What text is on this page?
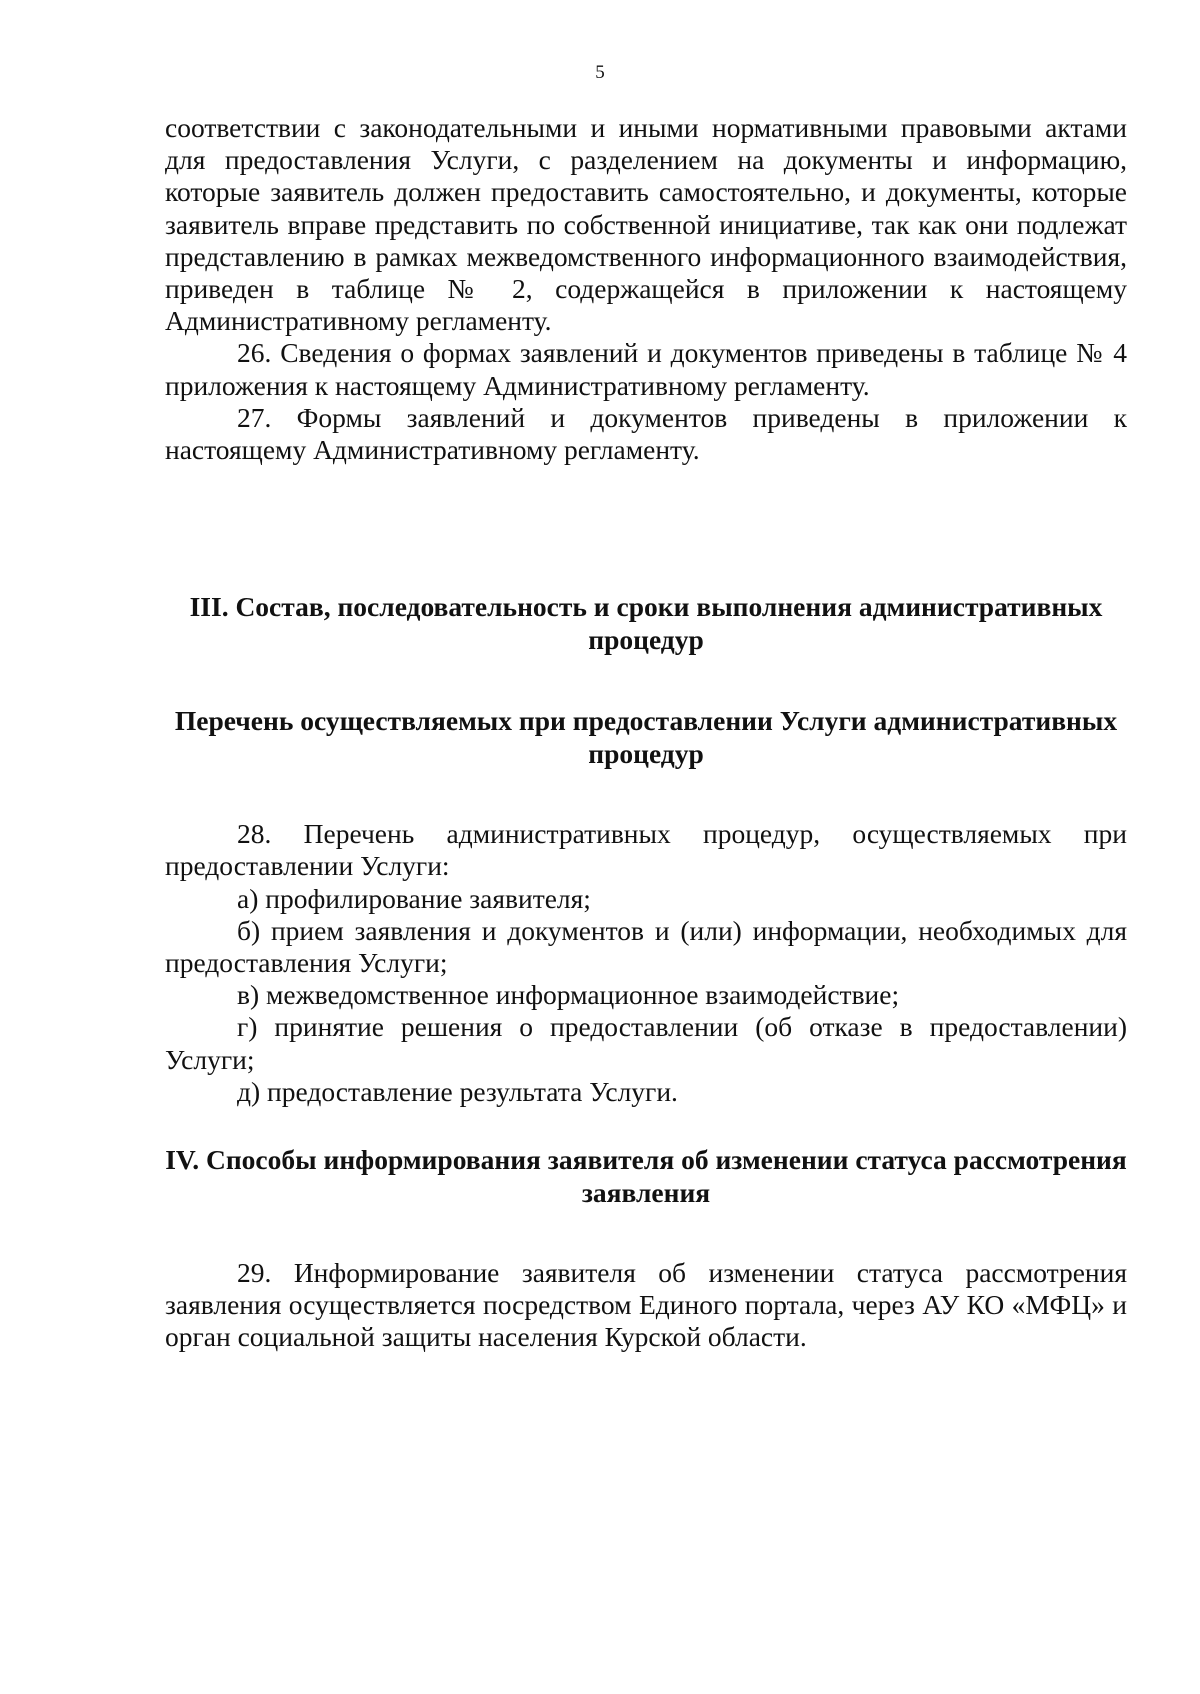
5

соответствии с законодательными и иными нормативными правовыми актами для предоставления Услуги, с разделением на документы и информацию, которые заявитель должен предоставить самостоятельно, и документы, которые заявитель вправе представить по собственной инициативе, так как они подлежат представлению в рамках межведомственного информационного взаимодействия, приведен в таблице № 2, содержащейся в приложении к настоящему Административному регламенту.

26. Сведения о формах заявлений и документов приведены в таблице № 4 приложения к настоящему Административному регламенту.

27. Формы заявлений и документов приведены в приложении к настоящему Административному регламенту.

III. Состав, последовательность и сроки выполнения административных процедур
Перечень осуществляемых при предоставлении Услуги административных процедур

28. Перечень административных процедур, осуществляемых при предоставлении Услуги:

а) профилирование заявителя;

б) прием заявления и документов и (или) информации, необходимых для предоставления Услуги;

в) межведомственное информационное взаимодействие;

г) принятие решения о предоставлении (об отказе в предоставлении) Услуги;

д) предоставление результата Услуги.

IV. Способы информирования заявителя об изменении статуса рассмотрения заявления

29. Информирование заявителя об изменении статуса рассмотрения заявления осуществляется посредством Единого портала, через АУ КО «МФЦ» и орган социальной защиты населения Курской области.
